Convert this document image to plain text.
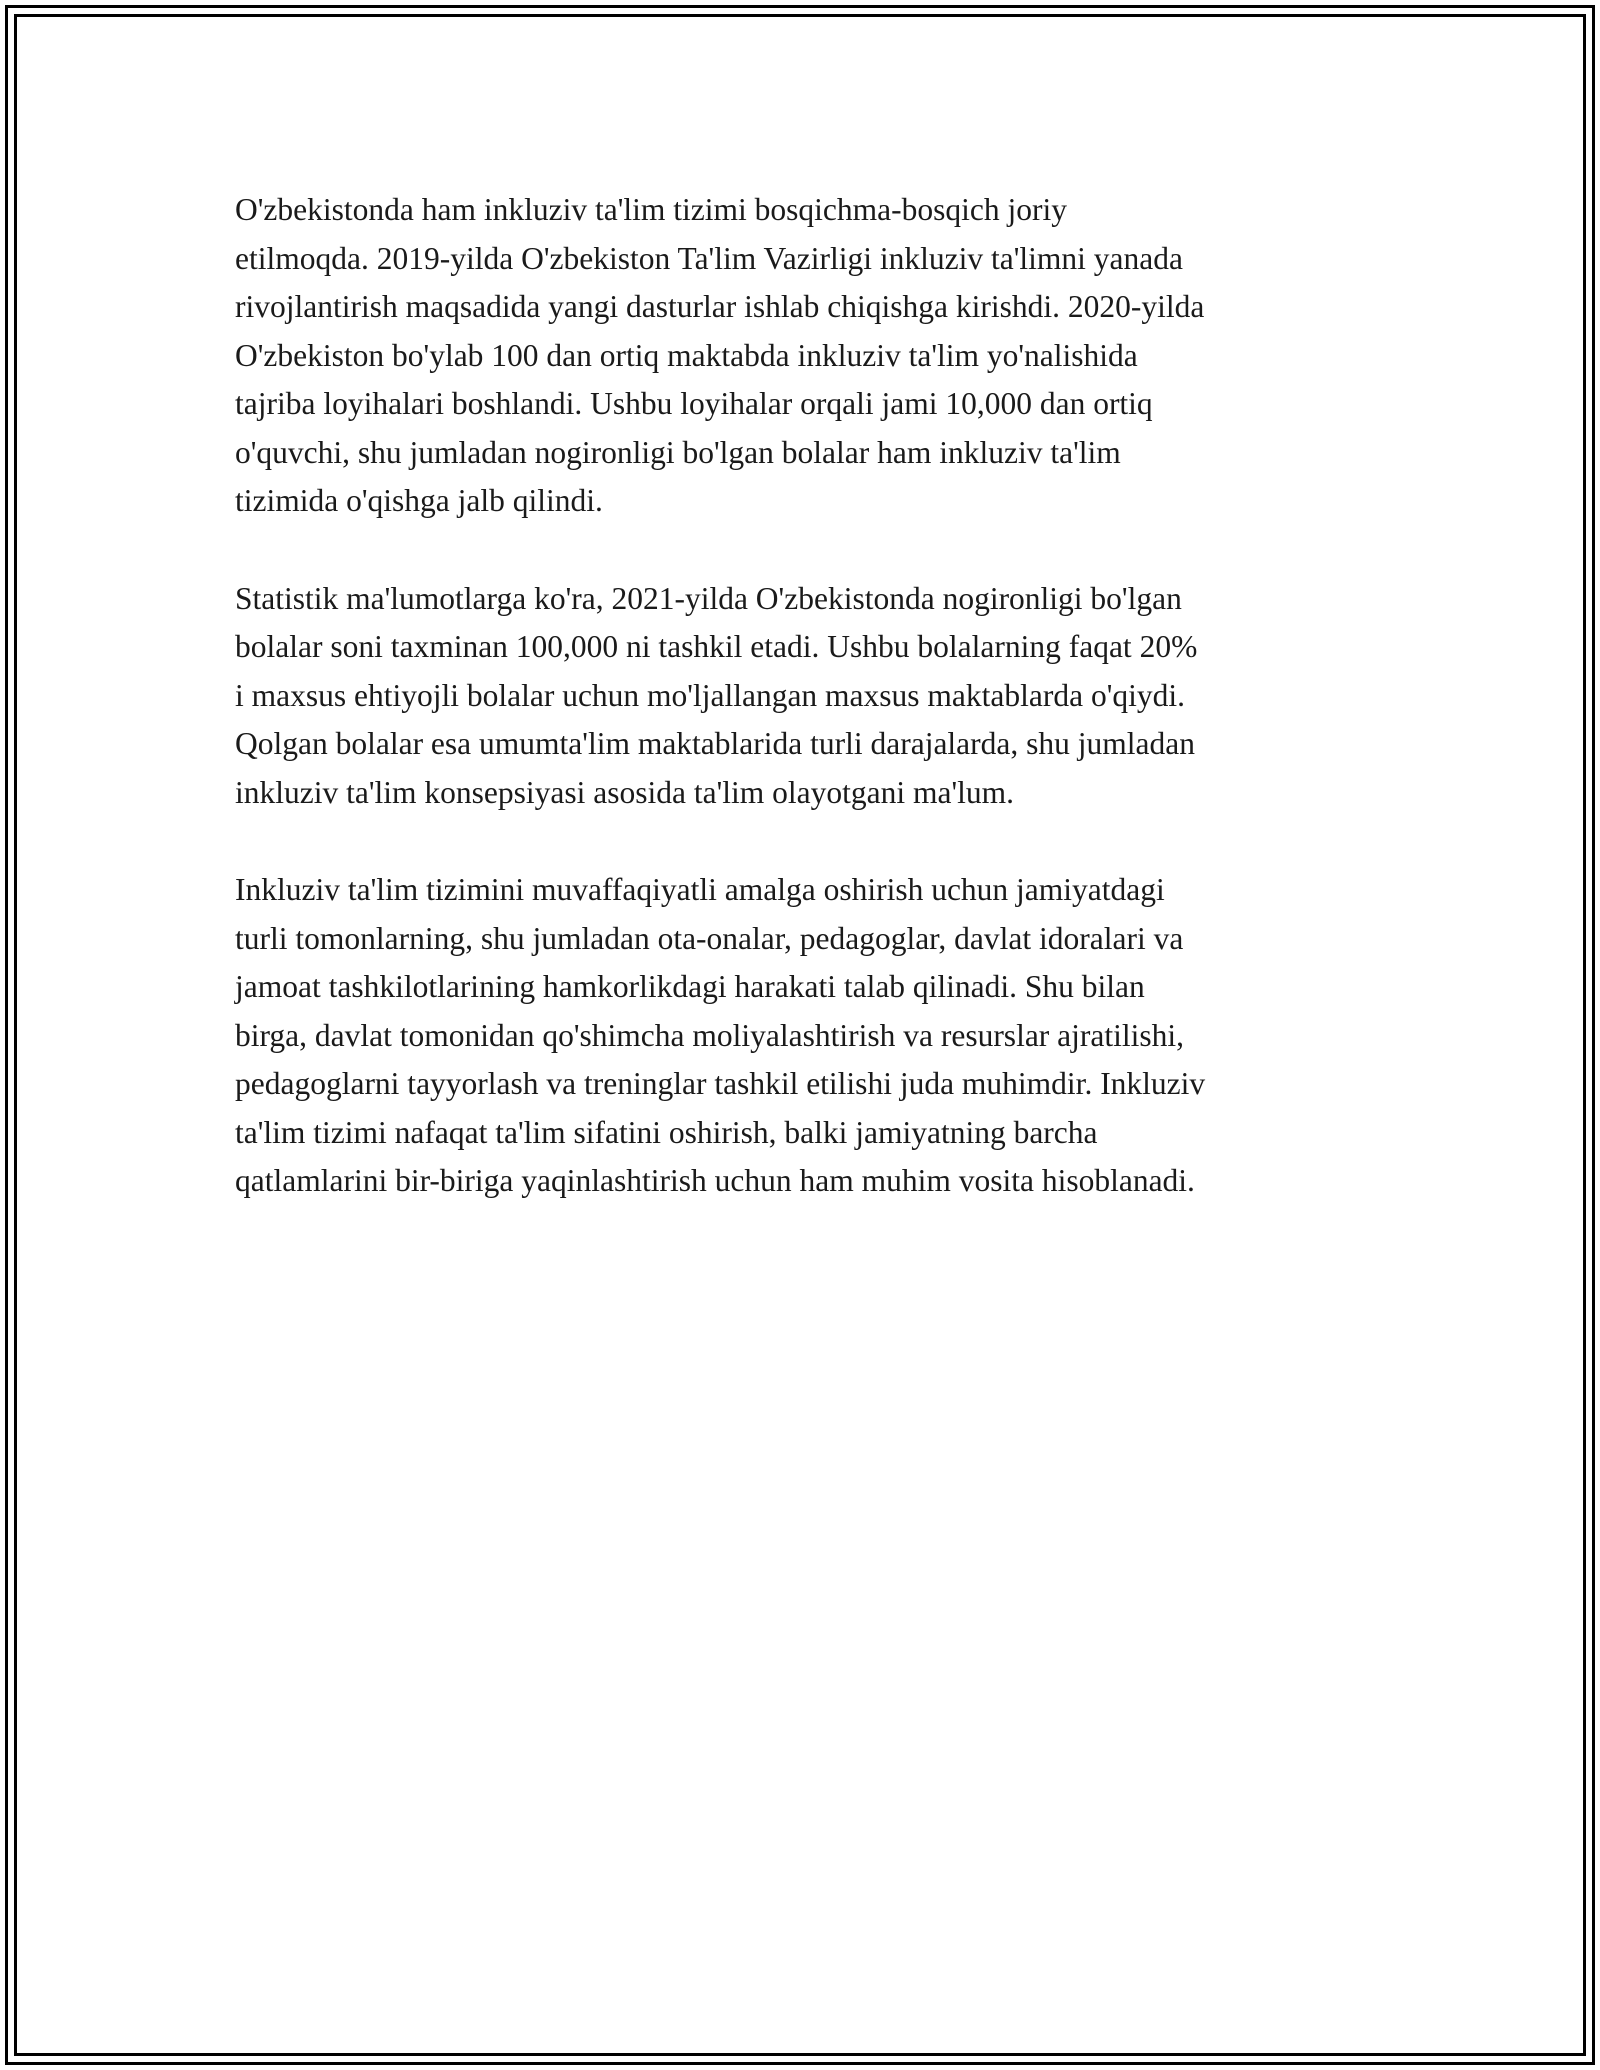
O'zbekistonda ham inkluziv ta'lim tizimi bosqichma-bosqich joriy
etilmoqda. 2019-yilda O'zbekiston Ta'lim Vazirligi inkluziv ta'limni yanada
rivojlantirish maqsadida yangi dasturlar ishlab chiqishga kirishdi. 2020-yilda
O'zbekiston bo'ylab 100 dan ortiq maktabda inkluziv ta'lim yo'nalishida
tajriba loyihalari boshlandi. Ushbu loyihalar orqali jami 10,000 dan ortiq
o'quvchi, shu jumladan nogironligi bo'lgan bolalar ham inkluziv ta'lim
tizimida o'qishga jalb qilindi.

Statistik ma'lumotlarga ko'ra, 2021-yilda O'zbekistonda nogironligi bo'lgan
bolalar soni taxminan 100,000 ni tashkil etadi. Ushbu bolalarning faqat 20%
i maxsus ehtiyojli bolalar uchun mo'ljallangan maxsus maktablarda o'qiydi.
Qolgan bolalar esa umumta'lim maktablarida turli darajalarda, shu jumladan
inkluziv ta'lim konsepsiyasi asosida ta'lim olayotgani ma'lum.

Inkluziv ta'lim tizimini muvaffaqiyatli amalga oshirish uchun jamiyatdagi
turli tomonlarning, shu jumladan ota-onalar, pedagoglar, davlat idoralari va
jamoat tashkilotlarining hamkorlikdagi harakati talab qilinadi. Shu bilan
birga, davlat tomonidan qo'shimcha moliyalashtirish va resurslar ajratilishi,
pedagoglarni tayyorlash va treninglar tashkil etilishi juda muhimdir. Inkluziv
ta'lim tizimi nafaqat ta'lim sifatini oshirish, balki jamiyatning barcha
qatlamlarini bir-biriga yaqinlashtirish uchun ham muhim vosita hisoblanadi.
